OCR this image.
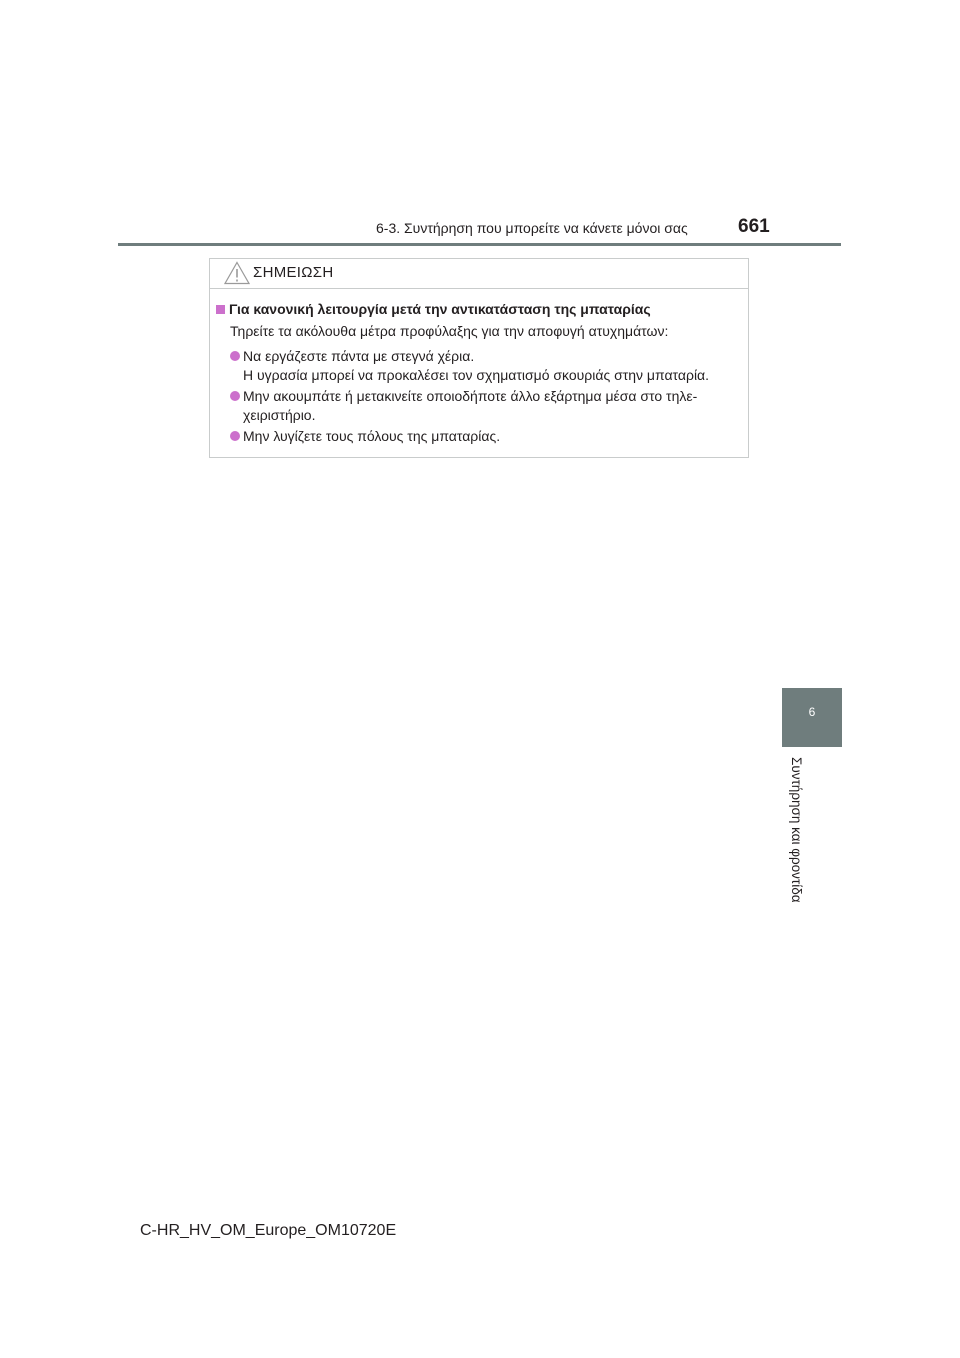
6-3. Συντήρηση που μπορείτε να κάνετε μόνοι σας	661
6
Συντήρηση και φροντίδα
ΣΗΜΕΙΩΣΗ
Για κανονική λειτουργία μετά την αντικατάσταση της μπαταρίας
Τηρείτε τα ακόλουθα μέτρα προφύλαξης για την αποφυγή ατυχημάτων:
Να εργάζεστε πάντα με στεγνά χέρια.
Η υγρασία μπορεί να προκαλέσει τον σχηματισμό σκουριάς στην μπαταρία.
Μην ακουμπάτε ή μετακινείτε οποιοδήποτε άλλο εξάρτημα μέσα στο τηλε-
χειριστήριο.
Μην λυγίζετε τους πόλους της μπαταρίας.
C-HR_HV_OM_Europe_OM10720E
